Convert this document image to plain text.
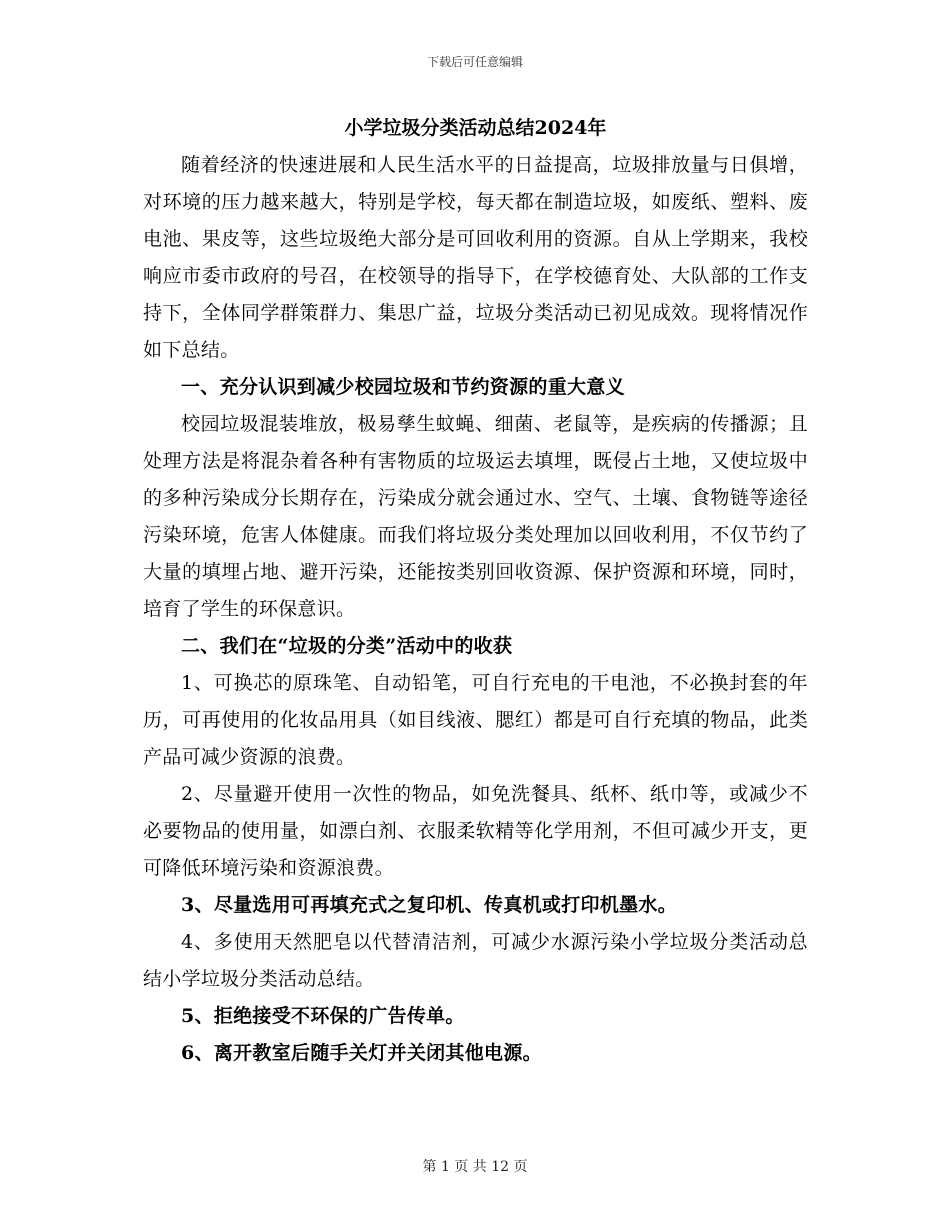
下载后可任意编辑

小学垃圾分类活动总结2024年

随着经济的快速进展和人民生活水平的日益提高，垃圾排放量与日俱增，对环境的压力越来越大，特别是学校，每天都在制造垃圾，如废纸、塑料、废电池、果皮等，这些垃圾绝大部分是可回收利用的资源。自从上学期来，我校响应市委市政府的号召，在校领导的指导下，在学校德育处、大队部的工作支持下，全体同学群策群力、集思广益，垃圾分类活动已初见成效。现将情况作如下总结。

一、充分认识到减少校园垃圾和节约资源的重大意义

校园垃圾混装堆放，极易孳生蚊蝇、细菌、老鼠等，是疾病的传播源；且处理方法是将混杂着各种有害物质的垃圾运去填埋，既侵占土地，又使垃圾中的多种污染成分长期存在，污染成分就会通过水、空气、土壤、食物链等途径污染环境，危害人体健康。而我们将垃圾分类处理加以回收利用，不仅节约了大量的填埋占地、避开污染，还能按类别回收资源、保护资源和环境，同时，培育了学生的环保意识。

二、我们在“垃圾的分类”活动中的收获

1、可换芯的原珠笔、自动铅笔，可自行充电的干电池，不必换封套的年历，可再使用的化妆品用具（如目线液、腮红）都是可自行充填的物品，此类产品可减少资源的浪费。

2、尽量避开使用一次性的物品，如免洗餐具、纸杯、纸巾等，或减少不必要物品的使用量，如漂白剂、衣服柔软精等化学用剂，不但可减少开支，更可降低环境污染和资源浪费。

3、尽量选用可再填充式之复印机、传真机或打印机墨水。

4、多使用天然肥皂以代替清洁剂，可减少水源污染小学垃圾分类活动总结小学垃圾分类活动总结。

5、拒绝接受不环保的广告传单。

6、离开教室后随手关灯并关闭其他电源。

第 1 页 共 12 页
